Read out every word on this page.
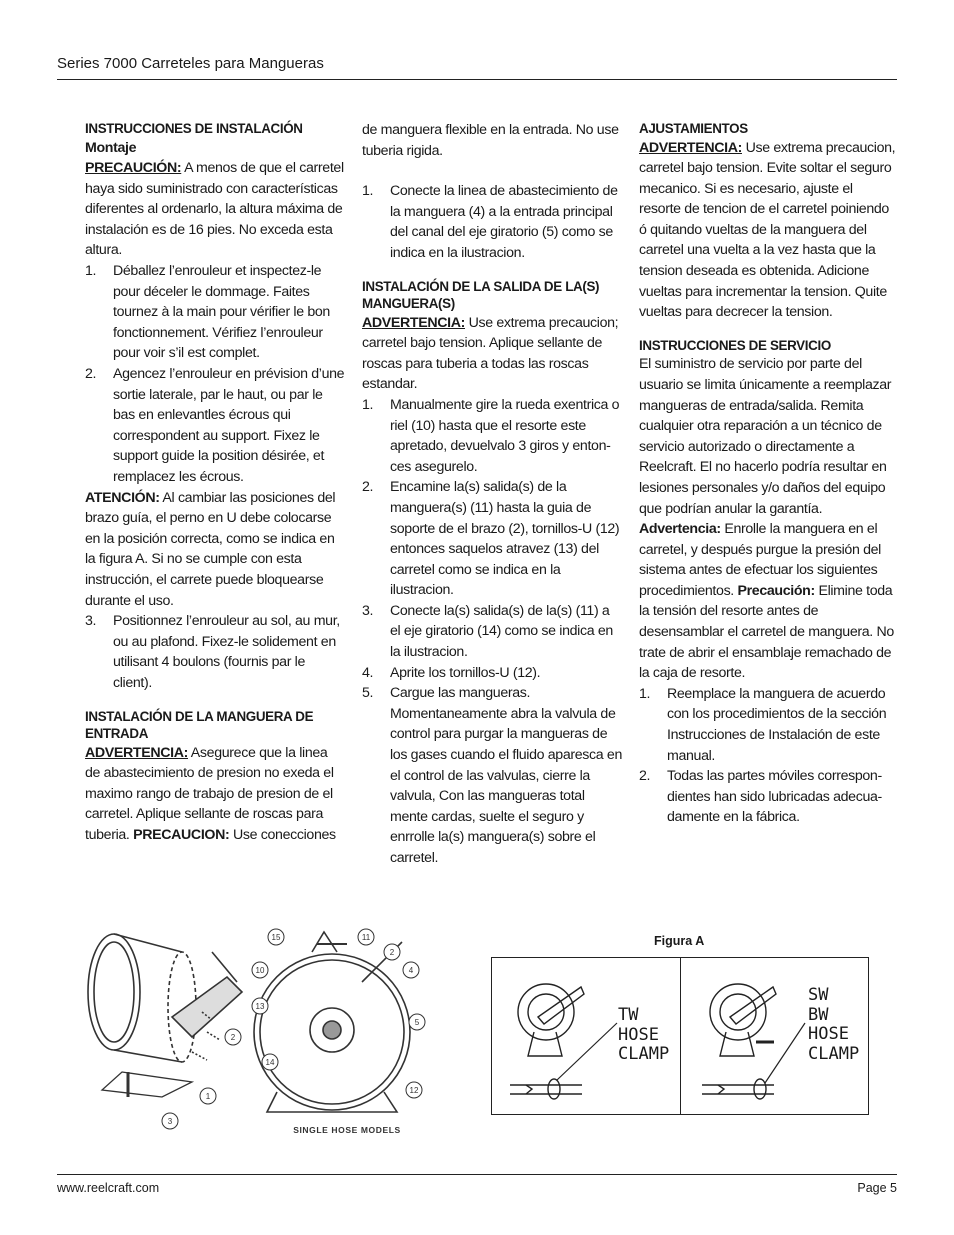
Series 7000 Carreteles para Mangueras

INSTRUCCIONES DE INSTALACIÓN

Montaje

PRECAUCIÓN: A menos de que el carretel haya sido suministrado con características diferentes al ordenarlo, la altura máxima de instalación es de 16 pies. No exceda esta altura.

1. Déballez l’enrouleur et inspectez-le pour déceler le dommage. Faites tournez à la main pour vérifier le bon fonctionnement. Vérifiez l’enrouleur pour voir s’il est complet.
2. Agencez l’enrouleur en prévision d’une sortie laterale, par le haut, ou par le bas en enlevantles écrous qui correspondent au support. Fixez le support guide la position désirée, et remplacez les écrous.

ATENCIÓN: Al cambiar las posiciones del brazo guía, el perno en U debe colocarse en la posición correcta, como se indica en la figura A. Si no se cumple con esta instrucción, el carrete puede bloquearse durante el uso.

3. Positionnez l’enrouleur au sol, au mur, ou au plafond. Fixez-le solidement en utilisant 4 boulons (fournis par le client).

INSTALACIÓN DE LA MANGUERA DE ENTRADA

ADVERTENCIA: Asegurece que la linea de abastecimiento de presion no exeda el maximo rango de trabajo de presion de el carretel. Aplique sellante de roscas para tuberia. PRECAUCION: Use conecciones

de manguera flexible en la entrada. No use tuberia rigida.

1. Conecte la linea de abastecimiento de la manguera (4) a la entrada principal del canal del eje giratorio (5) como se indica en la ilustracion.

INSTALACIÓN DE LA SALIDA DE LA(S) MANGUERA(S)

ADVERTENCIA: Use extrema precaucion; carretel bajo tension. Aplique sellante de roscas para tuberia a todas las roscas estandar.

1. Manualmente gire la rueda exentrica o riel (10) hasta que el resorte este apretado, devuelvalo 3 giros y entonces asegurelo.
2. Encamine la(s) salida(s) de la manguera(s) (11) hasta la guia de soporte de el brazo (2), tornillos-U (12) entonces saquelos atravez (13) del carretel como se indica en la ilustracion.
3. Conecte la(s) salida(s) de la(s) (11) a el eje giratorio (14) como se indica en la ilustracion.
4. Aprite los tornillos-U (12).
5. Cargue las mangueras. Momentaneamente abra la valvula de control para purgar la mangueras de los gases cuando el fluido aparesca en el control de las valvulas, cierre la valvula, Con las mangueras total mente cardas, suelte el seguro y enrrolle la(s) manguera(s) sobre el carretel.

AJUSTAMIENTOS

ADVERTENCIA: Use extrema precaucion, carretel bajo tension. Evite soltar el seguro mecanico. Si es necesario, ajuste el resorte de tencion de el carretel poiniendo ó quitando vueltas de la manguera del carretel una vuelta a la vez hasta que la tension deseada es obtenida. Adicione vueltas para incrementar la tension. Quite vueltas para decrecer la tension.

INSTRUCCIONES DE SERVICIO

El suministro de servicio por parte del usuario se limita únicamente a reemplazar mangueras de entrada/salida. Remita cualquier otra reparación a un técnico de servicio autorizado o directamente a Reelcraft. El no hacerlo podría resultar en lesiones personales y/o daños del equipo que podrían anular la garantía.

Advertencia: Enrolle la manguera en el carretel, y después purgue la presión del sistema antes de efectuar los siguientes procedimientos. Precaución: Elimine toda la tensión del resorte antes de desensamblar el carretel de manguera. No trate de abrir el ensamblaje remachado de la caja de resorte.

1. Reemplace la manguera de acuerdo con los procedimientos de la sección Instrucciones de Instalación de este manual.
2. Todas las partes móviles correspondientes han sido lubricadas adecuadamente en la fábrica.
15	11
2
4
10
13
5
2
14
12
1
3
SINGLE HOSE MODELS
Figura A
TW
HOSE
CLAMP
SW
BW
HOSE
CLAMP
www.reelcraft.com	Page 5
